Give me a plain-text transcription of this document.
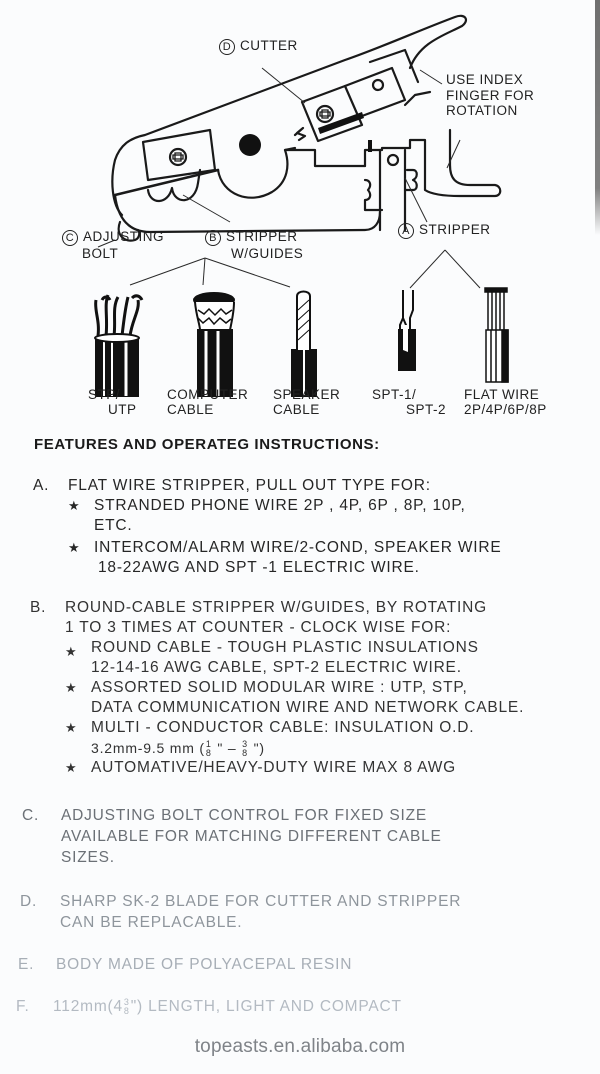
D CUTTER
USE INDEX
FINGER FOR
ROTATION
C ADJUSTING
BOLT
B STRIPPER
W/GUIDES
A STRIPPER
STP/
UTP
COMPUTER
CABLE
SPEAKER
CABLE
SPT-1/
SPT-2
FLAT WIRE
2P/4P/6P/8P
FEATURES AND OPERATEG INSTRUCTIONS:
A. FLAT WIRE STRIPPER, PULL OUT TYPE FOR:
★ STRANDED PHONE WIRE 2P , 4P, 6P , 8P, 10P,
ETC.
★ INTERCOM/ALARM WIRE/2-COND, SPEAKER WIRE
18-22AWG AND SPT -1 ELECTRIC WIRE.
B. ROUND-CABLE STRIPPER W/GUIDES, BY ROTATING
1 TO 3 TIMES AT COUNTER - CLOCK WISE FOR:
★ ROUND CABLE - TOUGH PLASTIC INSULATIONS
12-14-16 AWG CABLE, SPT-2 ELECTRIC WIRE.
★ ASSORTED SOLID MODULAR WIRE : UTP, STP,
DATA COMMUNICATION WIRE AND NETWORK CABLE.
★ MULTI - CONDUCTOR CABLE: INSULATION O.D.
3.2mm-9.5 mm ( 1
8 " – 3
8 ")
★ AUTOMATIVE/HEAVY-DUTY WIRE MAX 8 AWG
C. ADJUSTING BOLT CONTROL FOR FIXED SIZE
AVAILABLE FOR MATCHING DIFFERENT CABLE
SIZES.
D. SHARP SK-2 BLADE FOR CUTTER AND STRIPPER
CAN BE REPLACABLE.
E. BODY MADE OF POLYACEPAL RESIN
F. 112mm(4 3
8 ") LENGTH, LIGHT AND COMPACT
topeasts.en.alibaba.com
